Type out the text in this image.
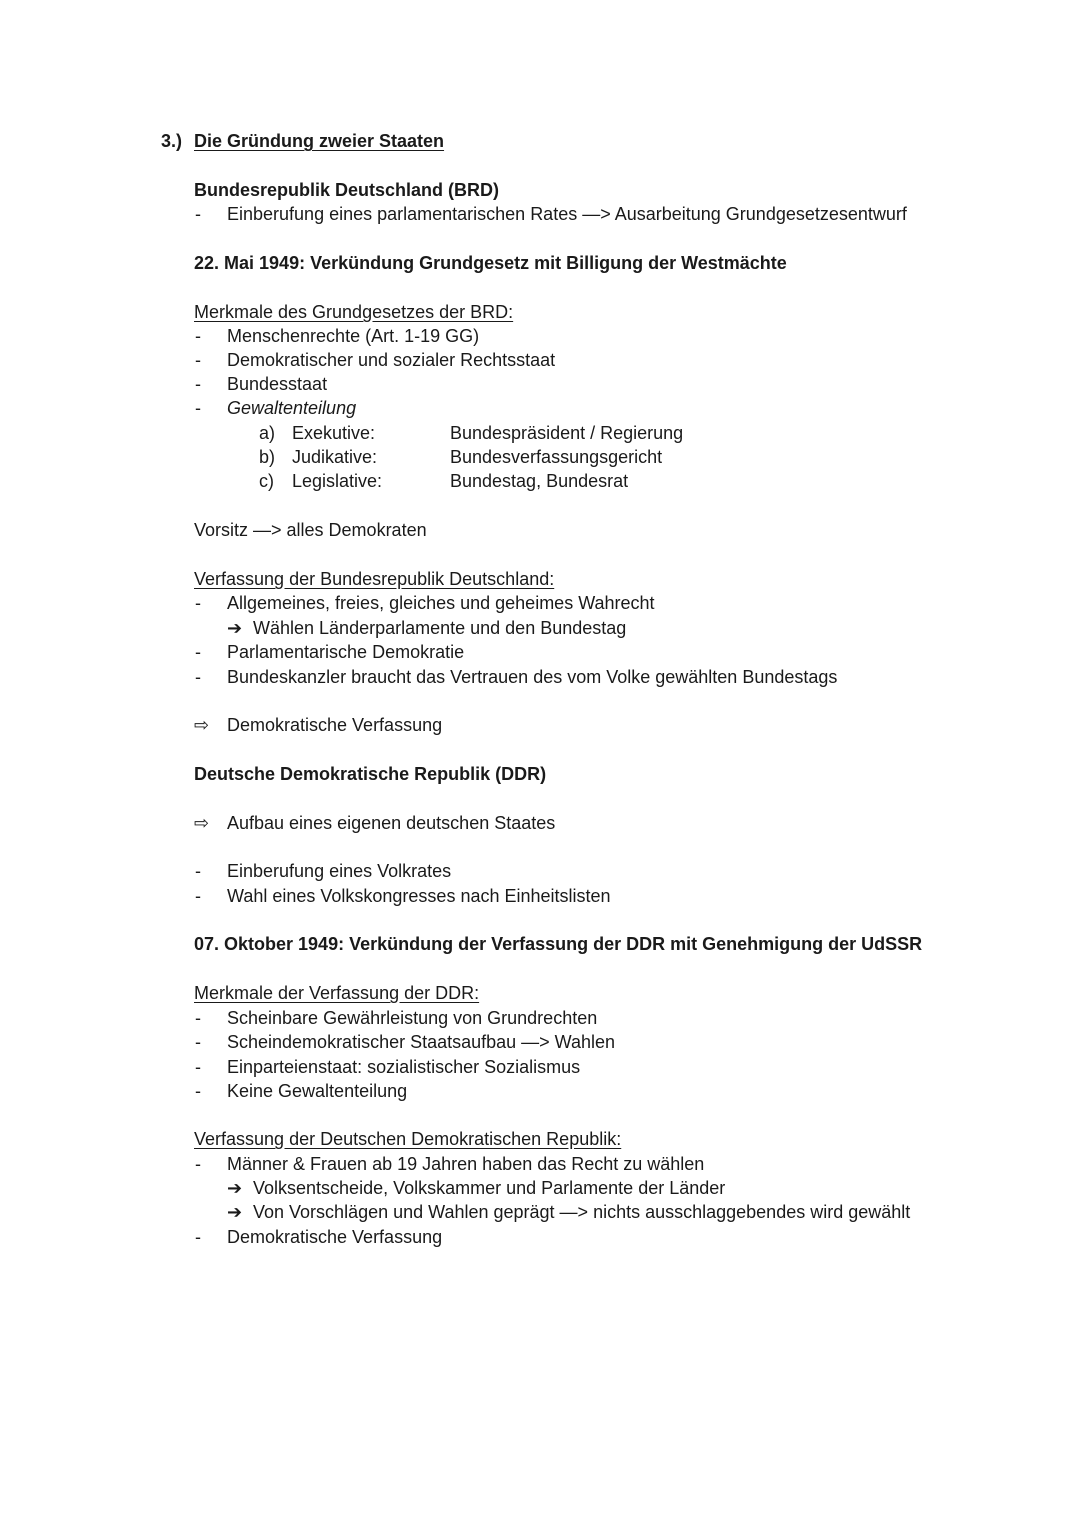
3.) Die Gründung zweier Staaten
Bundesrepublik Deutschland (BRD)
- Einberufung eines parlamentarischen Rates —> Ausarbeitung Grundgesetzesentwurf
22. Mai 1949: Verkündung Grundgesetz mit Billigung der Westmächte
Merkmale des Grundgesetzes der BRD:
- Menschenrechte (Art. 1-19 GG)
- Demokratischer und sozialer Rechtsstaat
- Bundesstaat
- Gewaltenteilung
a) Exekutive:	Bundespräsident / Regierung
b) Judikative:	Bundesverfassungsgericht
c) Legislative:	Bundestag, Bundesrat
Vorsitz —> alles Demokraten
Verfassung der Bundesrepublik Deutschland:
- Allgemeines, freies, gleiches und geheimes Wahrecht
➔ Wählen Länderparlamente und den Bundestag
- Parlamentarische Demokratie
- Bundeskanzler braucht das Vertrauen des vom Volke gewählten Bundestags
⇨ Demokratische Verfassung
Deutsche Demokratische Republik (DDR)
⇨ Aufbau eines eigenen deutschen Staates
- Einberufung eines Volkrates
- Wahl eines Volkskongresses nach Einheitslisten
07. Oktober 1949: Verkündung der Verfassung der DDR mit Genehmigung der UdSSR
Merkmale der Verfassung der DDR:
- Scheinbare Gewährleistung von Grundrechten
- Scheindemokratischer Staatsaufbau —> Wahlen
- Einparteienstaat: sozialistischer Sozialismus
- Keine Gewaltenteilung
Verfassung der Deutschen Demokratischen Republik:
- Männer & Frauen ab 19 Jahren haben das Recht zu wählen
➔ Volksentscheide, Volkskammer und Parlamente der Länder
➔ Von Vorschlägen und Wahlen geprägt —> nichts ausschlaggebendes wird gewählt
- Demokratische Verfassung
